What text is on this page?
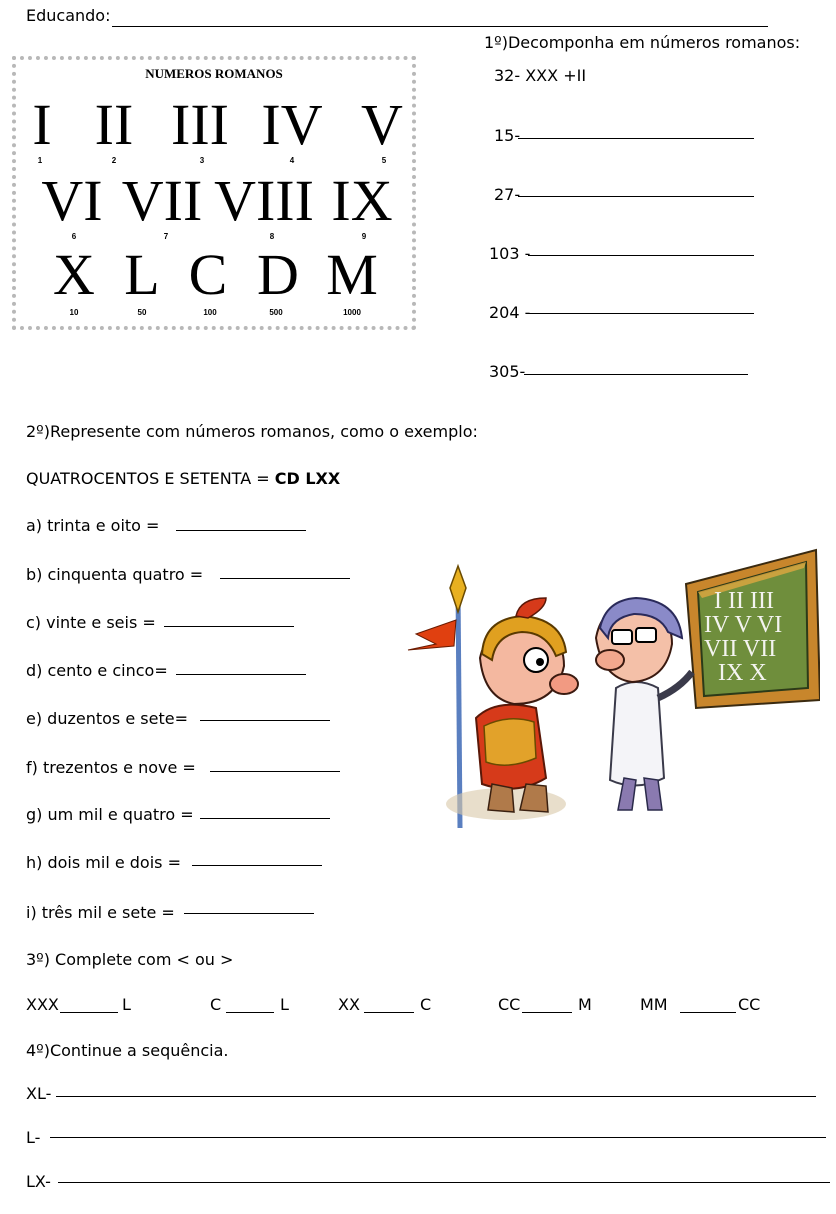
Educando:
NUMEROS ROMANOS
I II III IV V
1	2	3	4	5
VI VII VIII IX
6	7	8	9
X L C D M
10	50	100	500	1000
1º)Decomponha em números romanos:
32- XXX +II
15-
27-
103 -
204 -
305-
2º)Represente com números romanos, como o exemplo:
QUATROCENTOS E SETENTA = CD LXX
a) trinta e oito =
b) cinquenta quatro =
c) vinte e seis =
d) cento e cinco=
e) duzentos e sete=
f) trezentos e nove =
g) um mil e quatro =
h) dois mil e dois =
i) três mil e sete =
I II III
IV V VI
VII VII
IX X
3º) Complete com < ou >
XXX	L	C	L	XX	C	CC	M	MM	CC
4º)Continue a sequência.
XL-
L-
LX-
